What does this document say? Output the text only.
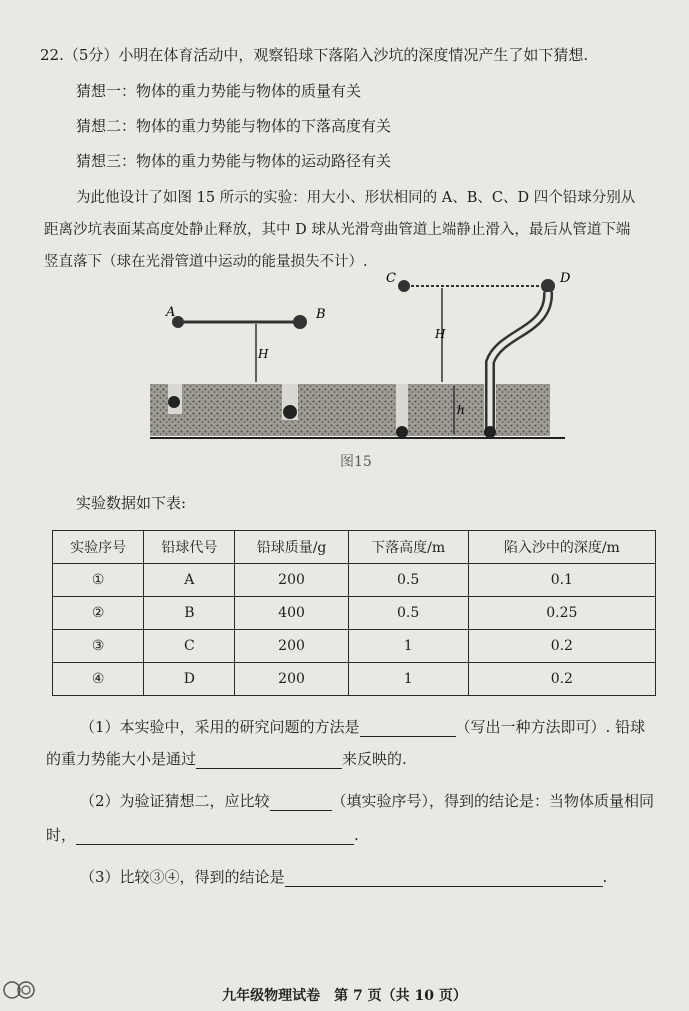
22.（5分）小明在体育活动中，观察铅球下落陷入沙坑的深度情况产生了如下猜想.
猜想一：物体的重力势能与物体的质量有关
猜想二：物体的重力势能与物体的下落高度有关
猜想三：物体的重力势能与物体的运动路径有关
为此他设计了如图 15 所示的实验：用大小、形状相同的 A、B、C、D 四个铅球分别从
距离沙坑表面某高度处静止释放，其中 D 球从光滑弯曲管道上端静止滑入，最后从管道下端
竖直落下（球在光滑管道中运动的能量损失不计）.
A	B
H
C	D
H
h
图15
实验数据如下表:
实验序号	铅球代号	铅球质量/g	下落高度/m	陷入沙中的深度/m
①	A	200	0.5	0.1
②	B	400	0.5	0.25
③	C	200	1	0.2
④	D	200	1	0.2
（1）本实验中，采用的研究问题的方法是	（写出一种方法即可）. 铅球
的重力势能大小是通过	来反映的.
（2）为验证猜想二，应比较	（填实验序号），得到的结论是：当物体质量相同
时，	.
（3）比较③④，得到的结论是	.
九年级物理试卷　第 7 页（共 10 页）
